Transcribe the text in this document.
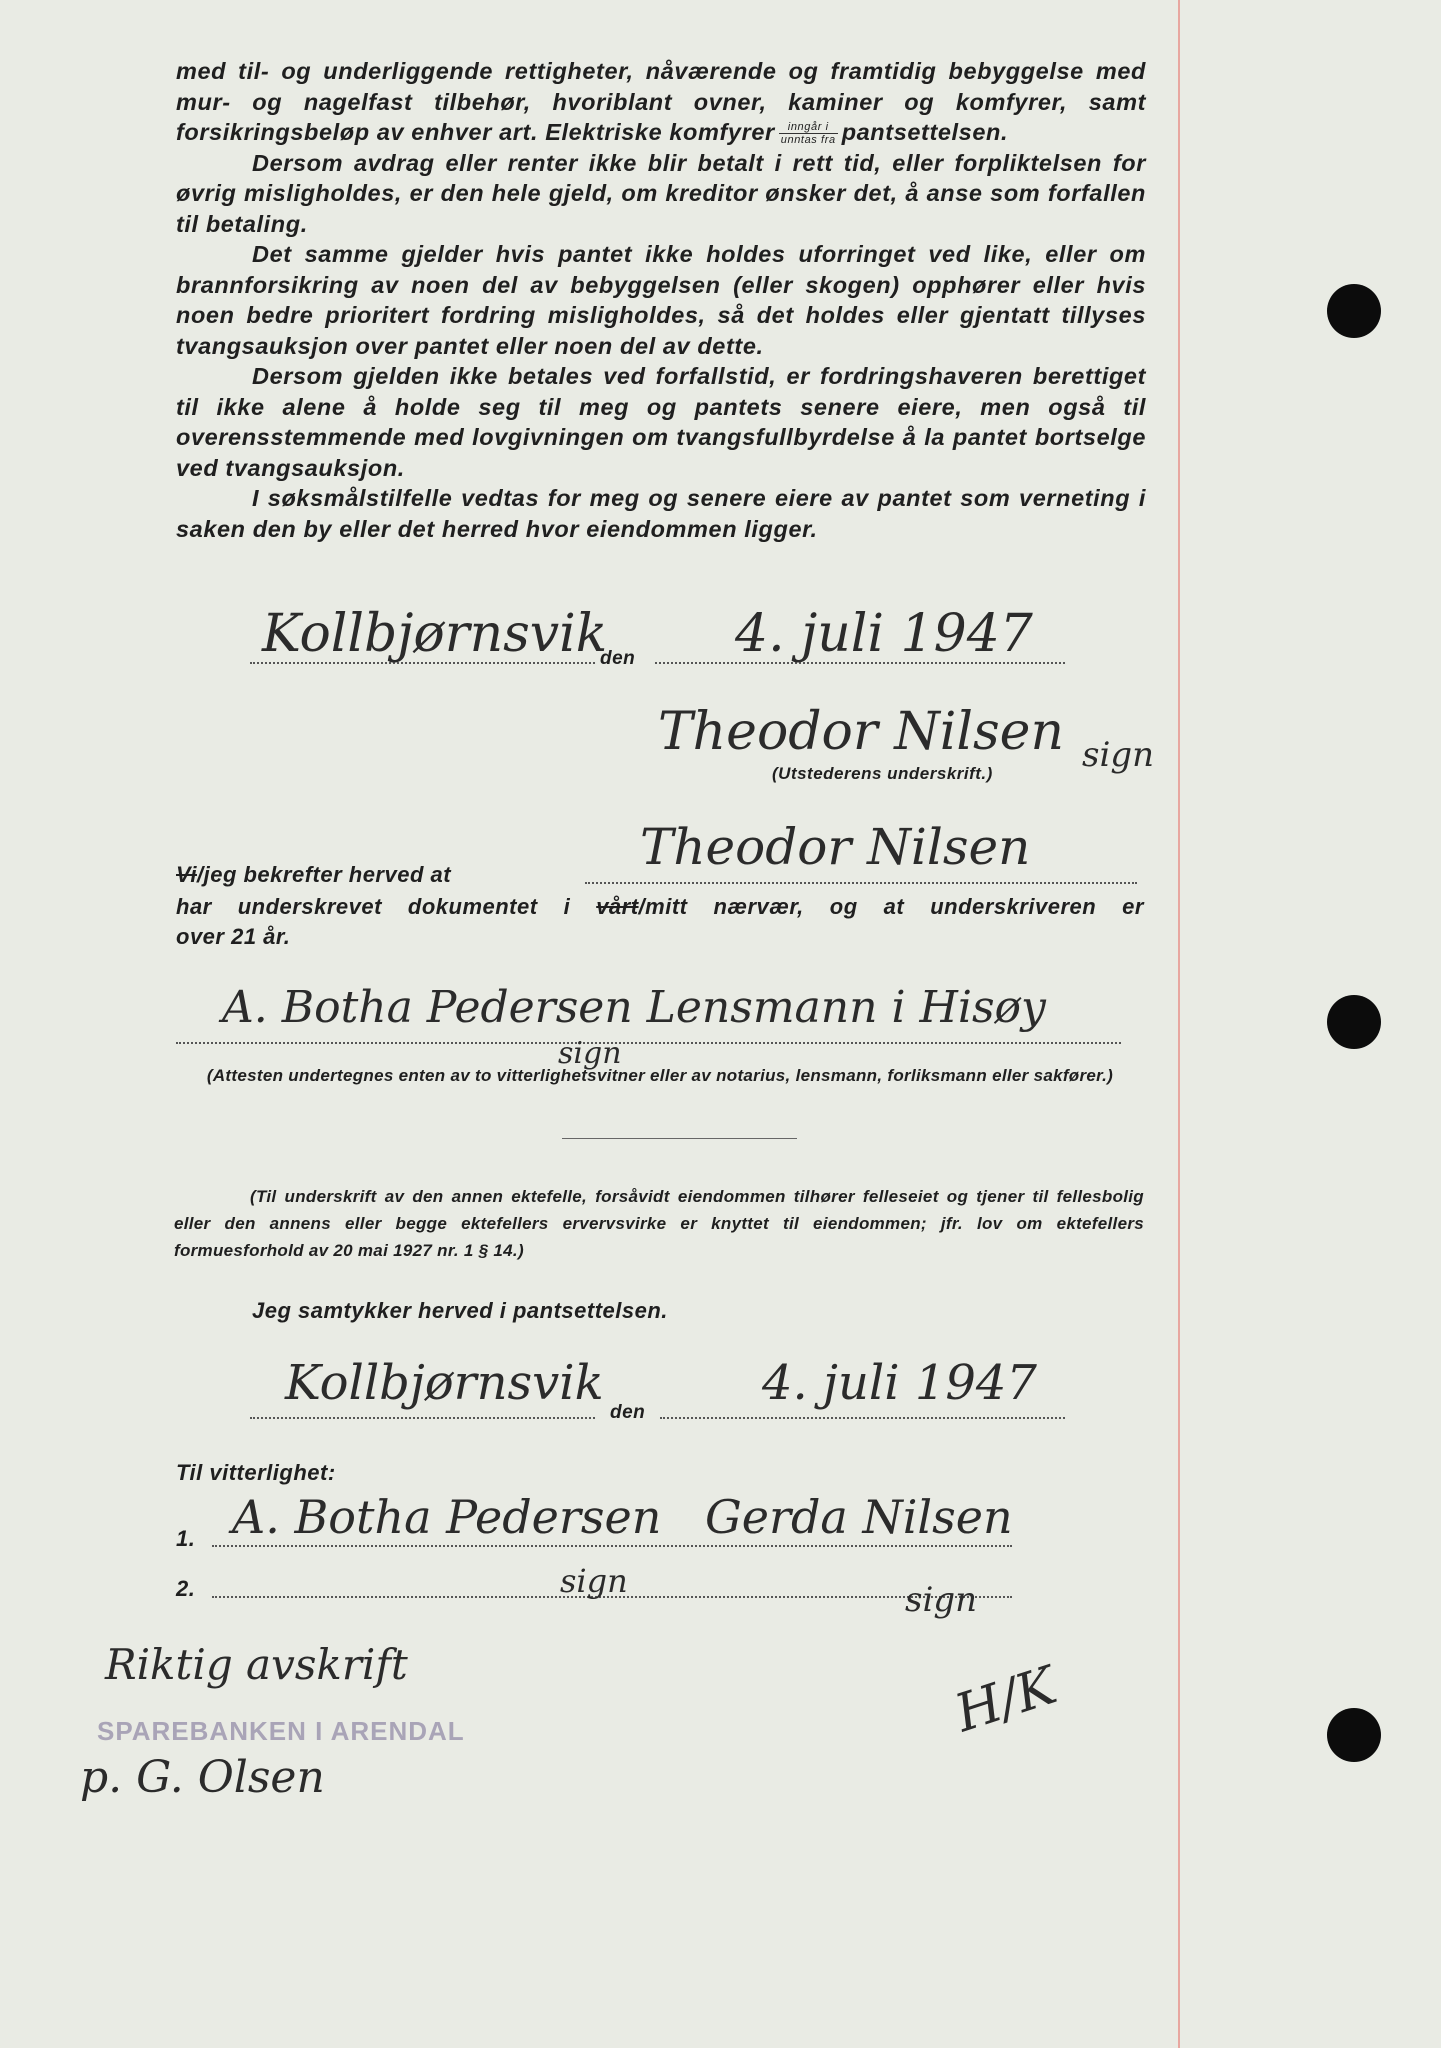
med til- og underliggende rettigheter, nåværende og framtidig bebyggelse med mur- og nagelfast tilbehør, hvoriblant ovner, kaminer og komfyrer, samt forsikringsbeløp av enhver art. Elektriske komfyrer $\frac{\text{inngår i}}{\text{unntas fra}}$ pantsettelsen.

Dersom avdrag eller renter ikke blir betalt i rett tid, eller forpliktelsen for øvrig misligholdes, er den hele gjeld, om kreditor ønsker det, å anse som forfallen til betaling.

Det samme gjelder hvis pantet ikke holdes uforringet ved like, eller om brannforsikring av noen del av bebyggelsen (eller skogen) opphører eller hvis noen bedre prioritert fordring misligholdes, så det holdes eller gjentatt tillyses tvangsauksjon over pantet eller noen del av dette.

Dersom gjelden ikke betales ved forfallstid, er fordringshaveren berettiget til ikke alene å holde seg til meg og pantets senere eiere, men også til overensstemmende med lovgivningen om tvangsfullbyrdelse å la pantet bortselge ved tvangsauksjon.

I søksmålstilfelle vedtas for meg og senere eiere av pantet som verneting i saken den by eller det herred hvor eiendommen ligger.

Kollbjørnsvik
den 4. juli 1947
Theodor Nilsen sign
(Utstederens underskrift.)
Vi/jeg bekrefter herved at	Theodor Nilsen
har underskrevet dokumentet i vårt/mitt nærvær, og at underskriveren er
over 21 år.
A. Botha Pedersen Lensmann i Hisøy
sign
(Attesten undertegnes enten av to vitterlighetsvitner eller av notarius, lensmann, forliksmann eller sakfører.)
(Til underskrift av den annen ektefelle, forsåvidt eiendommen tilhører felleseiet og tjener til fellesbolig eller den annens eller begge ektefellers ervervsvirke er knyttet til eiendommen; jfr. lov om ektefellers formuesforhold av 20 mai 1927 nr. 1 § 14.)
Jeg samtykker herved i pantsettelsen.
Kollbjørnsvik
den
4. juli 1947
Til vitterlighet:
1.
2.
A. Botha Pedersen Gerda Nilsen
sign	sign
Riktig avskrift
SPAREBANKEN I ARENDAL
p. G. Olsen
H/K
